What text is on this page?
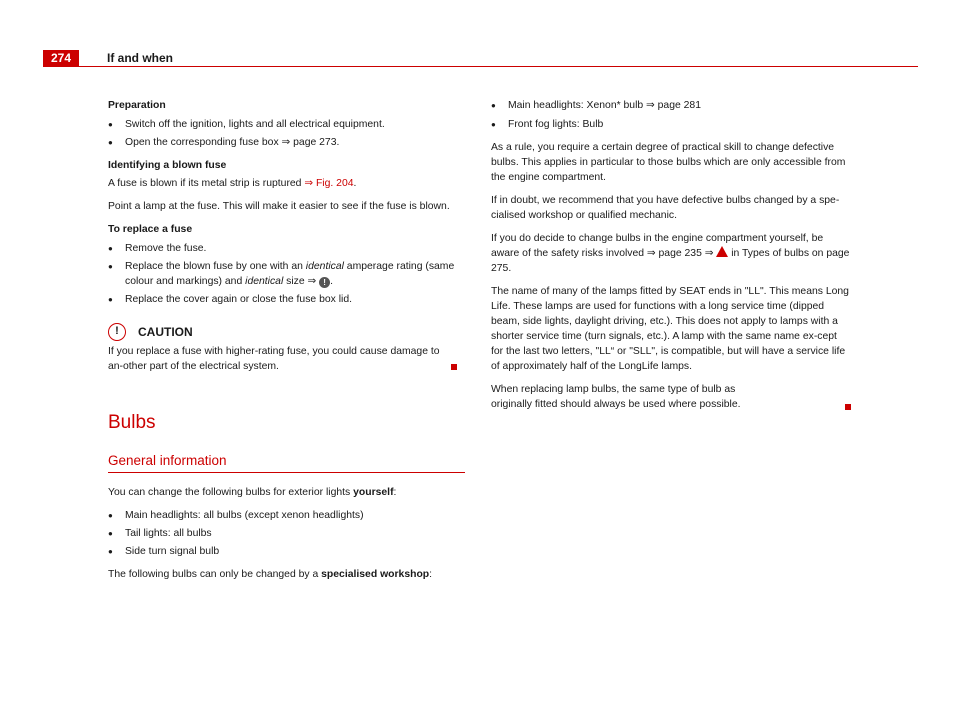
274	If and when
Preparation
● Switch off the ignition, lights and all electrical equipment.
● Open the corresponding fuse box ⇒ page 273.
Identifying a blown fuse
A fuse is blown if its metal strip is ruptured ⇒ Fig. 204.
Point a lamp at the fuse. This will make it easier to see if the fuse is blown.
To replace a fuse
● Remove the fuse.
● Replace the blown fuse by one with an identical amperage rating (same colour and markings) and identical size ⇒ ! .
● Replace the cover again or close the fuse box lid.
!	CAUTION
If you replace a fuse with higher-rating fuse, you could cause damage to an-other part of the electrical system.
Bulbs
General information
You can change the following bulbs for exterior lights yourself:
● Main headlights: all bulbs (except xenon headlights)
● Tail lights: all bulbs
● Side turn signal bulb
The following bulbs can only be changed by a specialised workshop:
● Main headlights: Xenon* bulb ⇒ page 281
● Front fog lights: Bulb
As a rule, you require a certain degree of practical skill to change defective bulbs. This applies in particular to those bulbs which are only accessible from the engine compartment.
If in doubt, we recommend that you have defective bulbs changed by a spe-cialised workshop or qualified mechanic.
If you do decide to change bulbs in the engine compartment yourself, be aware of the safety risks involved ⇒ page 235 ⇒  in Types of bulbs on page 275.
The name of many of the lamps fitted by SEAT ends in "LL". This means Long Life. These lamps are used for functions with a long service time (dipped beam, side lights, daylight driving, etc.). This does not apply to lamps with a shorter service time (turn signals, etc.). A lamp with the same name ex-cept for the last two letters, "LL“ or "SLL", is compatible, but will have a service life of approximately half of the LongLife lamps.
When replacing lamp bulbs, the same type of bulb as originally fitted should always be used where possible.
